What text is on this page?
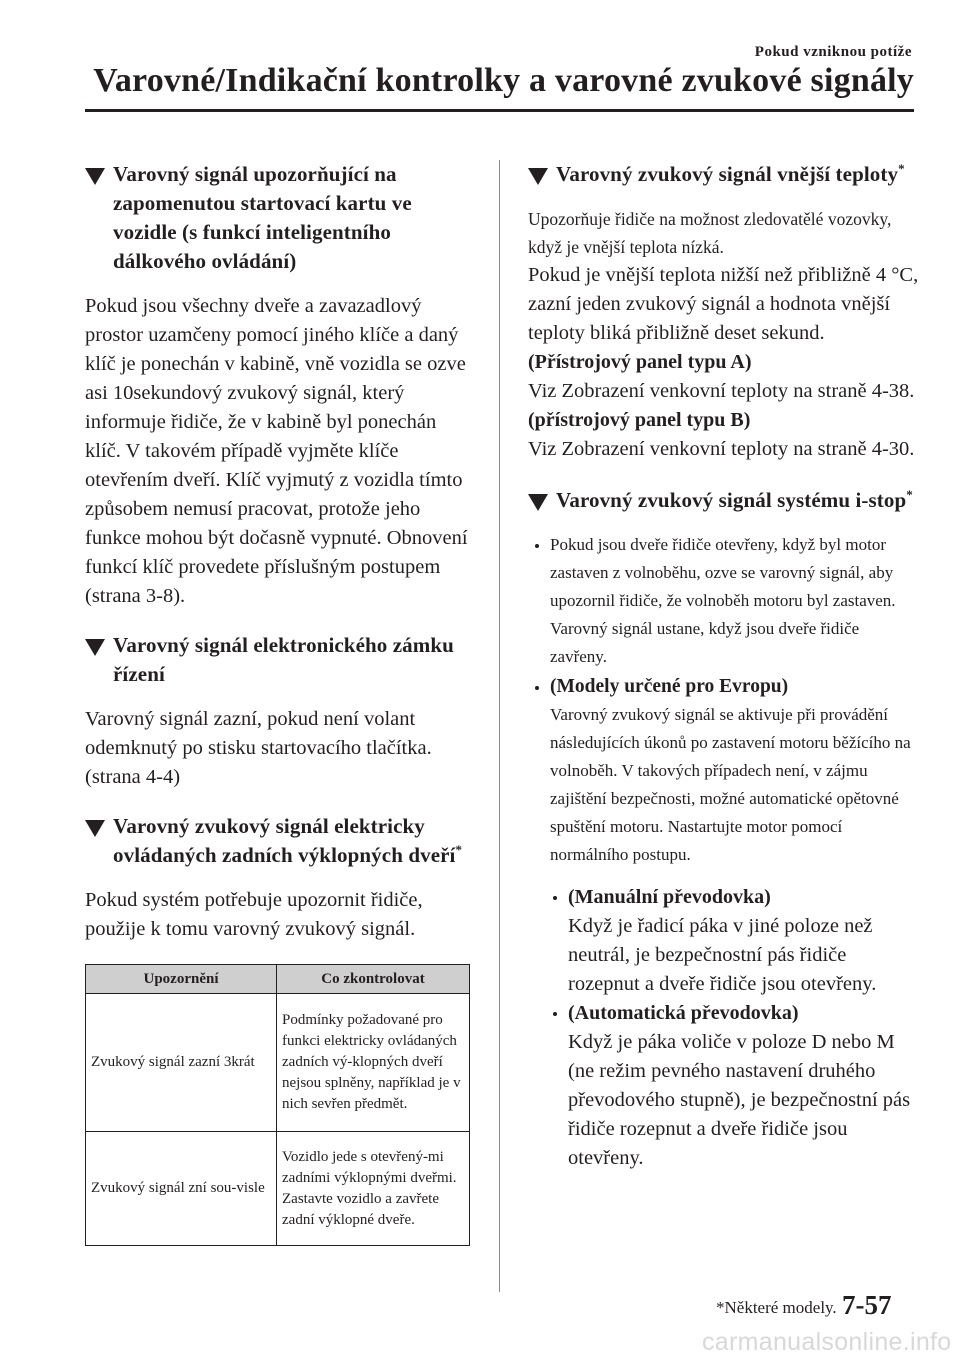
Pokud vzniknou potíže
Varovné/Indikační kontrolky a varovné zvukové signály
Varovný signál upozorňující na zapomenutou startovací kartu ve vozidle (s funkcí inteligentního dálkového ovládání)

Pokud jsou všechny dveře a zavazadlový prostor uzamčeny pomocí jiného klíče a daný klíč je ponechán v kabině, vně vozidla se ozve asi 10sekundový zvukový signál, který informuje řidiče, že v kabině byl ponechán klíč. V takovém případě vyjměte klíče otevřením dveří. Klíč vyjmutý z vozidla tímto způsobem nemusí pracovat, protože jeho funkce mohou být dočasně vypnuté. Obnovení funkcí klíč provedete příslušným postupem (strana 3-8).

Varovný signál elektronického zámku řízení

Varovný signál zazní, pokud není volant odemknutý po stisku startovacího tlačítka. (strana 4-4)

Varovný zvukový signál elektricky ovládaných zadních výklopných dveří*

Pokud systém potřebuje upozornit řidiče, použije k tomu varovný zvukový signál.

Upozornění	Co zkontrolovat
Zvukový signál zazní 3krát	Podmínky požadované pro funkci elektricky ovládaných zadních vý-klopných dveří nejsou splněny, například je v nich sevřen předmět.
Zvukový signál zní sou-visle	Vozidlo jede s otevřený-mi zadními výklopnými dveřmi. Zastavte vozidlo a zavřete zadní výklopné dveře.
Varovný zvukový signál vnější teploty*

Upozorňuje řidiče na možnost zledovatělé vozovky, když je vnější teplota nízká.

Pokud je vnější teplota nižší než přibližně 4 °C, zazní jeden zvukový signál a hodnota vnější teploty bliká přibližně deset sekund.

(Přístrojový panel typu A)

Viz Zobrazení venkovní teploty na straně 4-38.

(přístrojový panel typu B)

Viz Zobrazení venkovní teploty na straně 4-30.

Varovný zvukový signál systému i-stop*
Pokud jsou dveře řidiče otevřeny, když byl motor zastaven z volnoběhu, ozve se varovný signál, aby upozornil řidiče, že volnoběh motoru byl zastaven. Varovný signál ustane, když jsou dveře řidiče zavřeny.
(Modely určené pro Evropu)
Varovný zvukový signál se aktivuje při provádění následujících úkonů po zastavení motoru běžícího na volnoběh. V takových případech není, v zájmu zajištění bezpečnosti, možné automatické opětovné spuštění motoru. Nastartujte motor pomocí normálního postupu.
(Manuální převodovka)
Když je řadicí páka v jiné poloze než neutrál, je bezpečnostní pás řidiče rozepnut a dveře řidiče jsou otevřeny.
(Automatická převodovka)
Když je páka voliče v poloze D nebo M (ne režim pevného nastavení druhého převodového stupně), je bezpečnostní pás řidiče rozepnut a dveře řidiče jsou otevřeny.
*Některé modely. 7-57
carmanualsonline.info
